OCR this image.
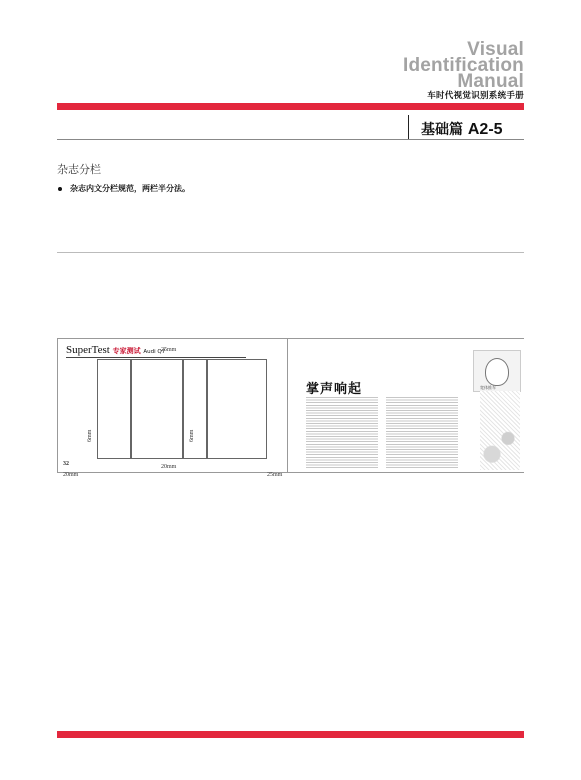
Visual
Identification
Manual
车时代视觉识别系统手册
基础篇 A2-5
杂志分栏
杂志内文分栏规范，两栏半分法。
SuperTest 专家测试 Audi Q7
25mm
20mm	25mm
6mm	6mm
32	20mm
宽体推车
掌声响起
